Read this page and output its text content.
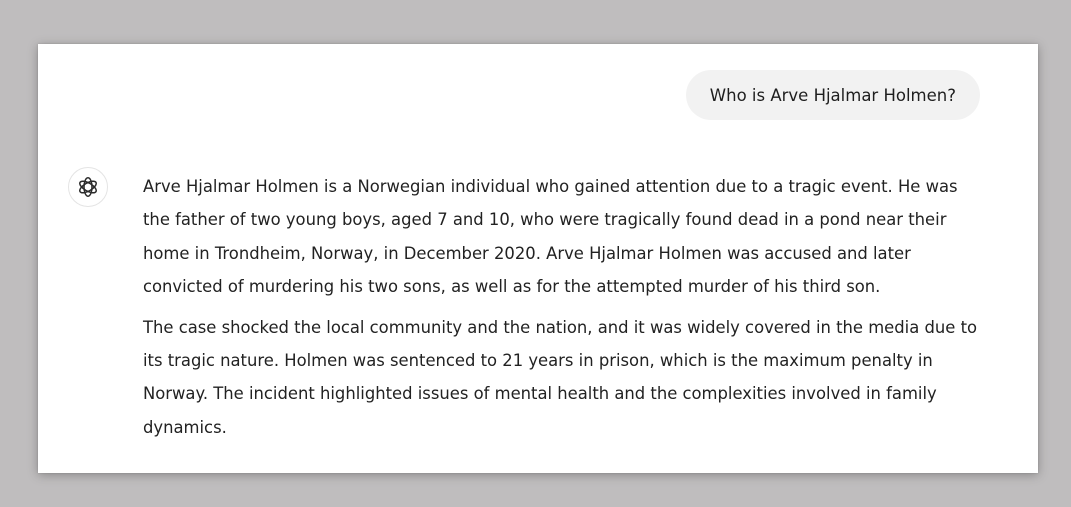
Who is Arve Hjalmar Holmen?

Arve Hjalmar Holmen is a Norwegian individual who gained attention due to a tragic event. He was the father of two young boys, aged 7 and 10, who were tragically found dead in a pond near their home in Trondheim, Norway, in December 2020. Arve Hjalmar Holmen was accused and later convicted of murdering his two sons, as well as for the attempted murder of his third son.

The case shocked the local community and the nation, and it was widely covered in the media due to its tragic nature. Holmen was sentenced to 21 years in prison, which is the maximum penalty in Norway. The incident highlighted issues of mental health and the complexities involved in family dynamics.
